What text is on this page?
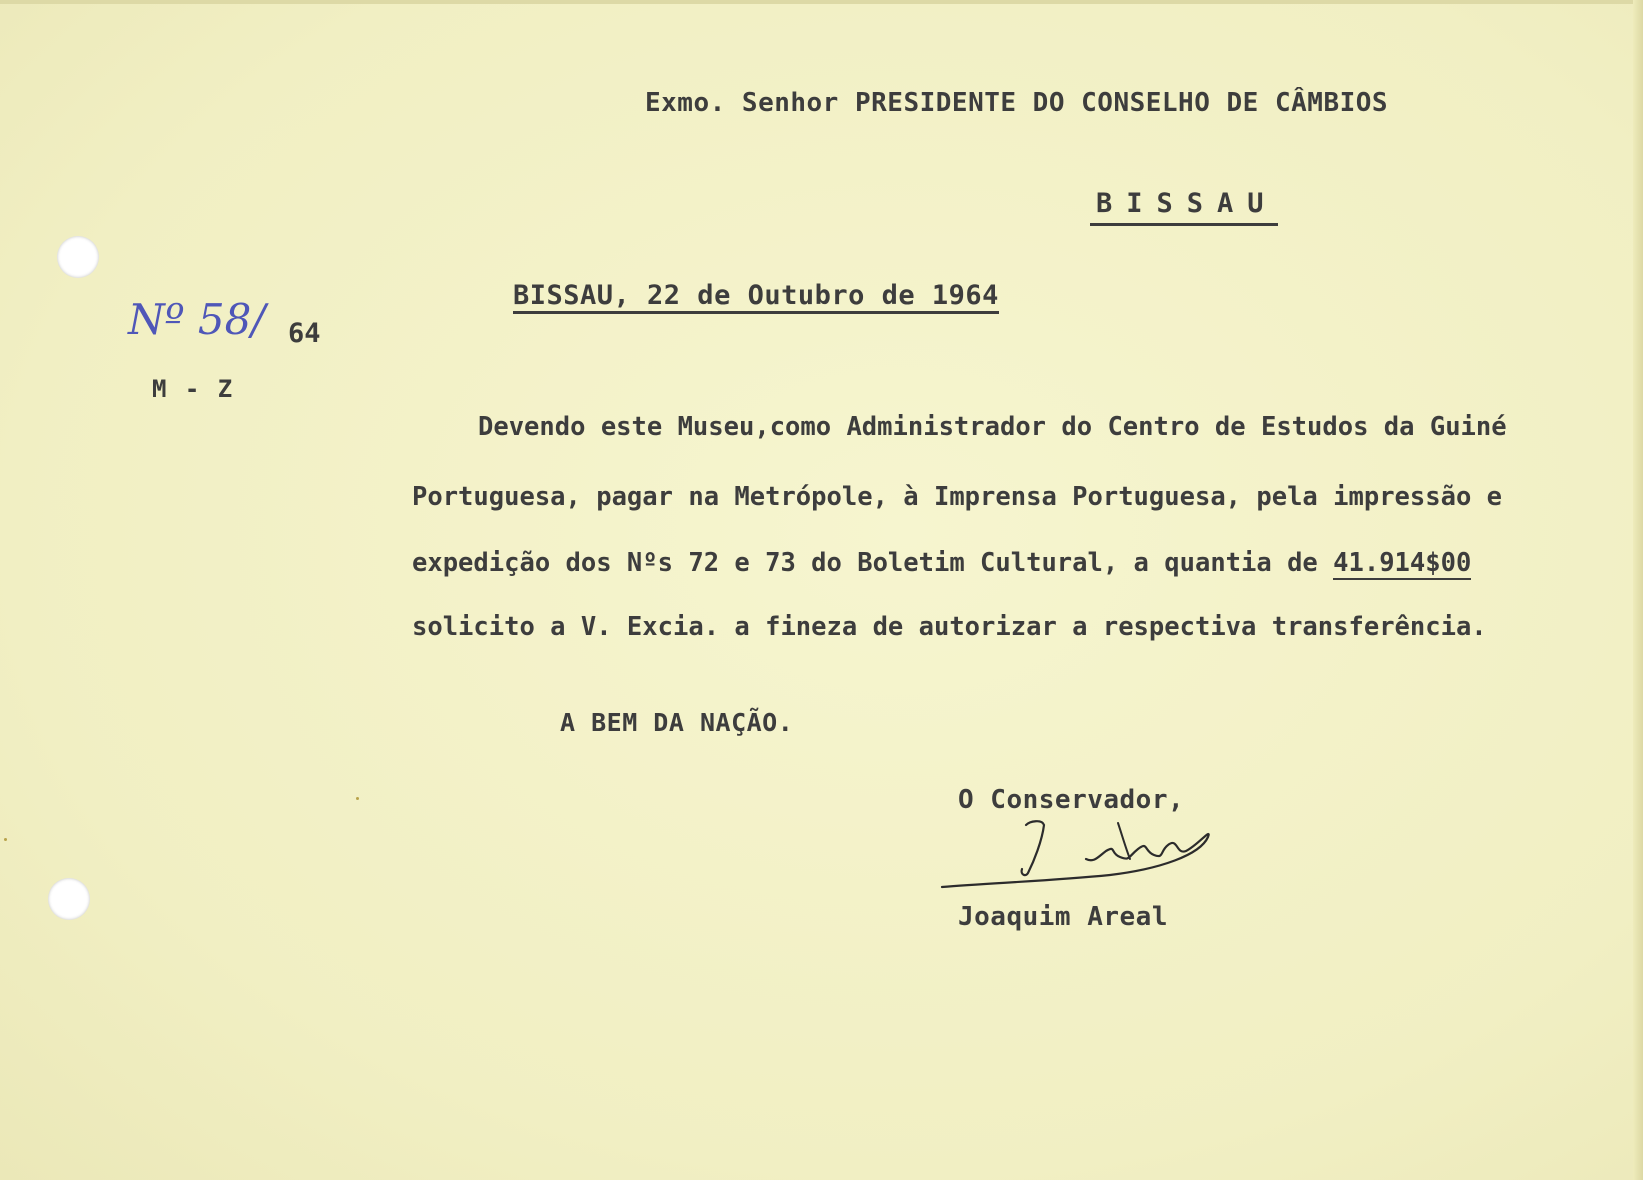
Exmo. Senhor PRESIDENTE DO CONSELHO DE CÂMBIOS
BISSAU
BISSAU, 22 de Outubro de 1964
Nº 58/ 64
M - Z
Devendo este Museu,como Administrador do Centro de Estudos da Guiné
Portuguesa, pagar na Metrópole, à Imprensa Portuguesa, pela impressão e
expedição dos Nºs 72 e 73 do Boletim Cultural, a quantia de 41.914$00
solicito a V. Excia. a fineza de autorizar a respectiva transferência.
A BEM DA NAÇÃO.
O Conservador,
Joaquim Areal
